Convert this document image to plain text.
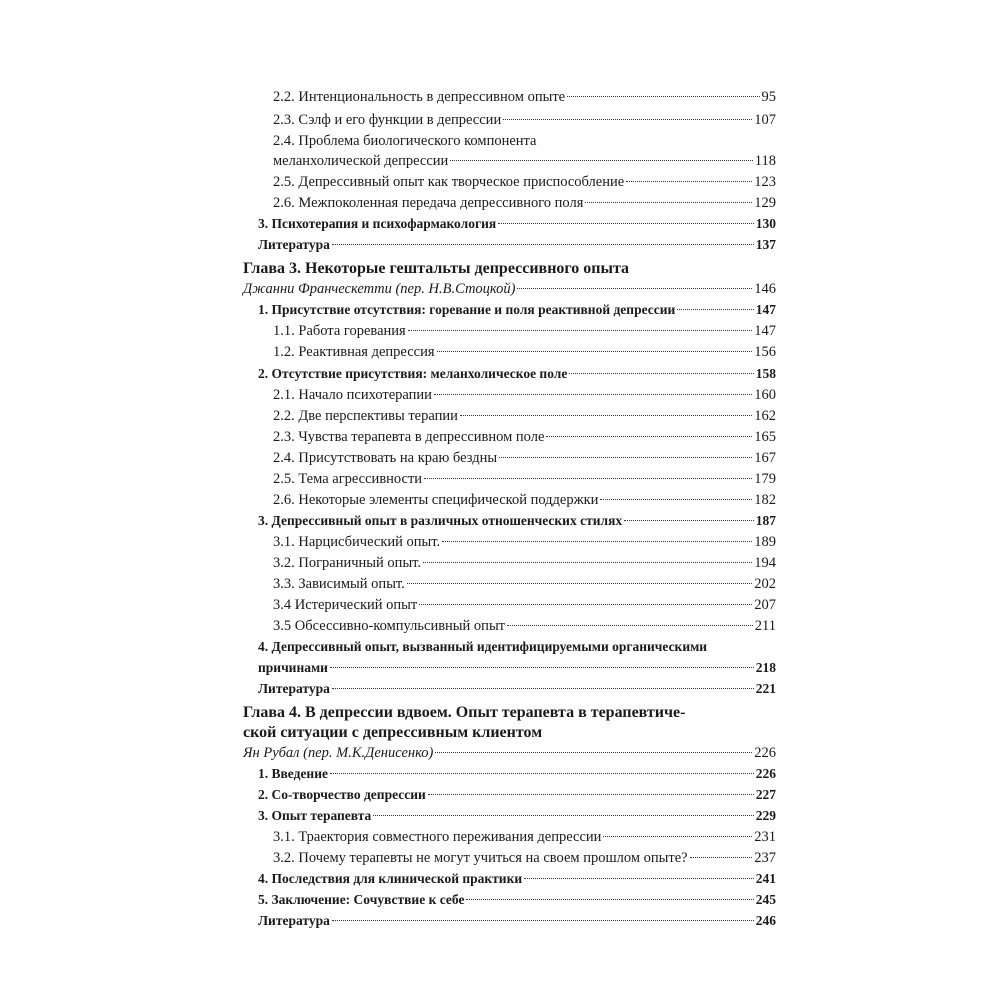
2.2. Интенциональность в депрессивном опыте	95
2.3. Сэлф и его функции в депрессии	107
2.4. Проблема биологического компонента
меланхолической депрессии	118
2.5. Депрессивный опыт как творческое приспособление	123
2.6. Межпоколенная передача депрессивного поля	129
3. Психотерапия и психофармакология	130
Литература	137
Глава 3. Некоторые гештальты депрессивного опыта
Джанни Франческетти (пер. Н.В.Стоцкой)	146
1. Присутствие отсутствия: горевание и поля реактивной депрессии	147
1.1. Работа горевания	147
1.2. Реактивная депрессия	156
2. Отсутствие присутствия: меланхолическое поле	158
2.1. Начало психотерапии	160
2.2. Две перспективы терапии	162
2.3. Чувства терапевта в депрессивном поле	165
2.4. Присутствовать на краю бездны	167
2.5. Тема агрессивности	179
2.6. Некоторые элементы специфической поддержки	182
3. Депрессивный опыт в различных отношенческих стилях	187
3.1. Нарцисбический опыт.	189
3.2. Пограничный опыт.	194
3.3. Зависимый опыт.	202
3.4 Истерический опыт	207
3.5 Обсессивно-компульсивный опыт	211
4. Депрессивный опыт, вызванный идентифицируемыми органическими
причинами	218
Литература	221
Глава 4. В депрессии вдвоем. Опыт терапевта в терапевтиче-
ской ситуации с депрессивным клиентом
Ян Рубал (пер. М.К.Денисенко)	226
1. Введение	226
2. Со-творчество депрессии	227
3. Опыт терапевта	229
3.1. Траектория совместного переживания депрессии	231
3.2. Почему терапевты не могут учиться на своем прошлом опыте?	237
4. Последствия для клинической практики	241
5. Заключение: Сочувствие к себе	245
Литература	246
